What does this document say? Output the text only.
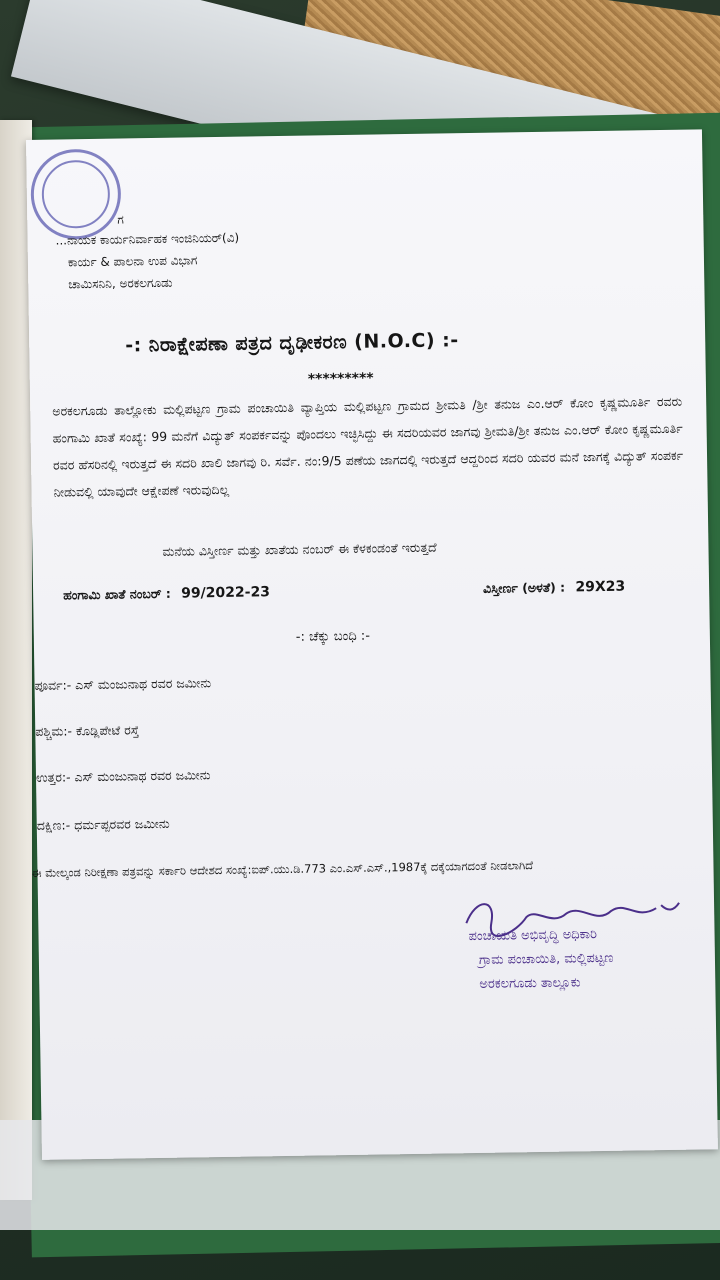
ಗ
...ನಾಯಕ ಕಾರ್ಯನಿರ್ವಾಹಕ ಇಂಜಿನಿಯರ್(ವಿ)
ಕಾರ್ಯ & ಪಾಲನಾ ಉಪ ವಿಭಾಗ
ಚಾಮಿಸನಿನಿ, ಅರಕಲಗೂಡು
-: ನಿರಾಕ್ಷೇಪಣಾ ಪತ್ರದ ದೃಢೀಕರಣ (N.O.C) :-
*********
ಅರಕಲಗೂಡು ತಾಲ್ಲೋಕು ಮಲ್ಲಿಪಟ್ಟಣ ಗ್ರಾಮ ಪಂಚಾಯಿತಿ ವ್ಯಾಪ್ತಿಯ ಮಲ್ಲಿಪಟ್ಟಣ ಗ್ರಾಮದ ಶ್ರೀಮತಿ /ಶ್ರೀ ತನುಜ ಎಂ.ಆರ್ ಕೋಂ ಕೃಷ್ಣಮೂರ್ತಿ ರವರು ಹಂಗಾಮಿ ಖಾತೆ ಸಂಖ್ಯೆ: 99 ಮನೆಗೆ ವಿದ್ಯುತ್ ಸಂಪರ್ಕವನ್ನು ಪೊಂದಲು ಇಚ್ಛಿಸಿದ್ದು ಈ ಸದರಿಯವರ ಜಾಗವು ಶ್ರೀಮತಿ/ಶ್ರೀ ತನುಜ ಎಂ.ಆರ್ ಕೋಂ ಕೃಷ್ಣಮೂರ್ತಿ ರವರ ಹೆಸರಿನಲ್ಲಿ ಇರುತ್ತದೆ ಈ ಸದರಿ ಖಾಲಿ ಜಾಗವು ರಿ. ಸರ್ವೆ. ನಂ:9/5 ಪಣೆಯ ಜಾಗದಲ್ಲಿ ಇರುತ್ತದೆ ಆದ್ದರಿಂದ ಸದರಿ ಯವರ ಮನೆ ಜಾಗಕ್ಕೆ ವಿದ್ಯುತ್ ಸಂಪರ್ಕ ನೀಡುವಲ್ಲಿ ಯಾವುದೇ ಆಕ್ಷೇಪಣೆ ಇರುವುದಿಲ್ಲ
ಮನೆಯ ವಿಸ್ತೀರ್ಣ ಮತ್ತು ಖಾತೆಯ ನಂಬರ್ ಈ ಕೆಳಕಂಡಂತೆ ಇರುತ್ತದೆ
ಹಂಗಾಮಿ ಖಾತೆ ನಂಬರ್ : 99/2022-23	ವಿಸ್ತೀರ್ಣ (ಅಳತೆ) : 29X23
-: ಚೆಕ್ಕು ಬಂಧಿ :-
ಪೂರ್ವ:- ಎಸ್ ಮಂಜುನಾಥ ರವರ ಜಮೀನು
ಪಶ್ಚಿಮ:- ಕೊಡ್ಲಿಪೇಟೆ ರಸ್ತೆ
ಉತ್ತರ:- ಎಸ್ ಮಂಜುನಾಥ ರವರ ಜಮೀನು
ದಕ್ಷಿಣ:- ಧರ್ಮಪ್ಪರವರ ಜಮೀನು
ಈ ಮೇಲ್ಕಂಡ ನಿರೀಕ್ಷಣಾ ಪತ್ರವನ್ನು ಸರ್ಕಾರಿ ಆದೇಶದ ಸಂಖ್ಯೆ:ಐಪ್.ಯು.ಡಿ.773 ಎಂ.ಎಸ್.ಎಸ್.,1987ಕ್ಕೆ ದಕ್ಕೆಯಾಗದಂತೆ ನೀಡಲಾಗಿದೆ
ಪಂಚಾಯತಿ ಅಭಿವೃದ್ಧಿ ಅಧಿಕಾರಿ
ಗ್ರಾಮ ಪಂಚಾಯಿತಿ, ಮಲ್ಲಿಪಟ್ಟಣ
ಅರಕಲಗೂಡು ತಾಲ್ಲೂಕು
